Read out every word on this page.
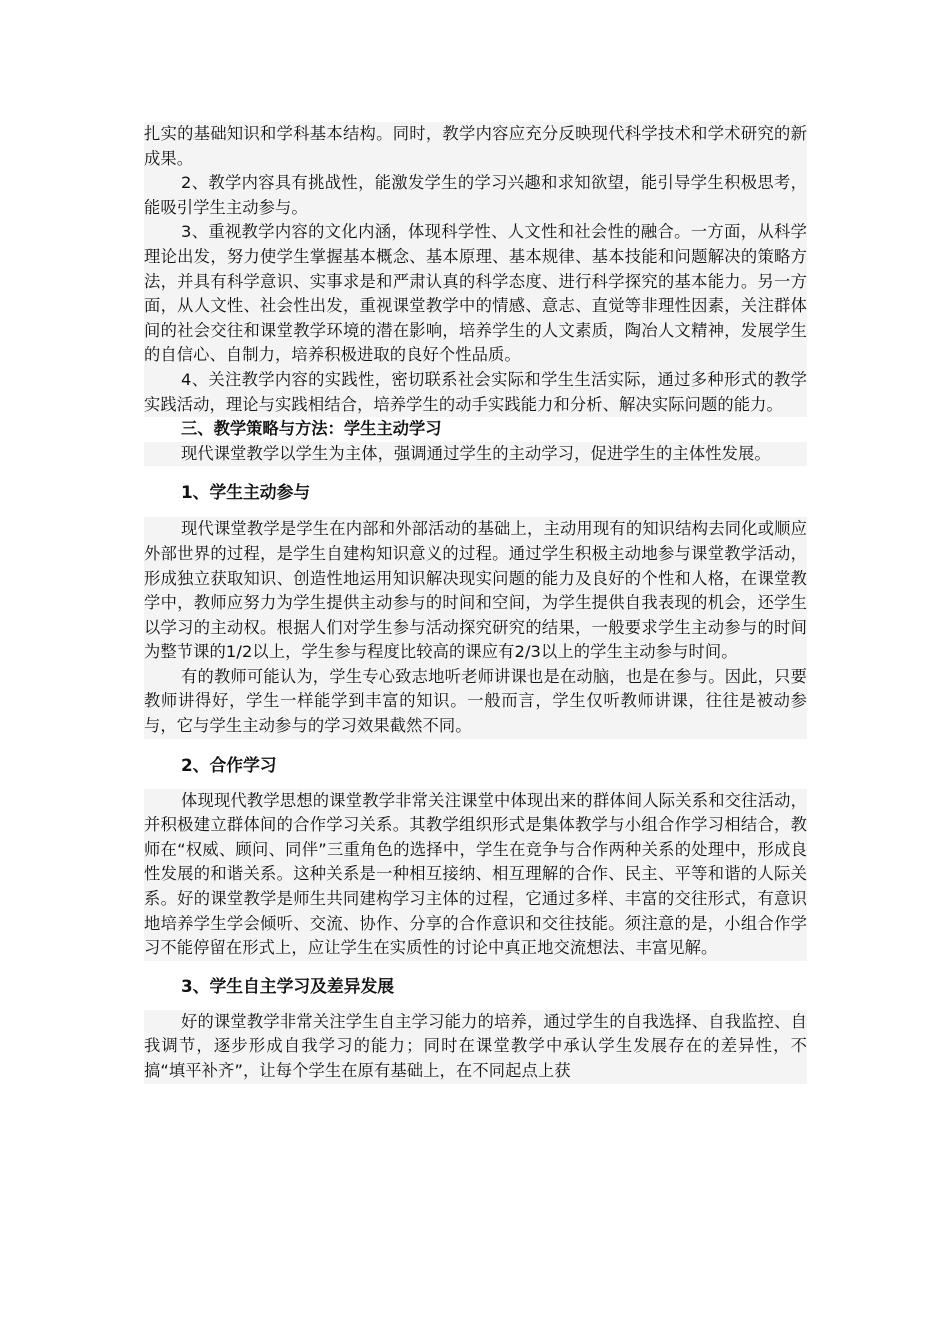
扎实的基础知识和学科基本结构。同时，教学内容应充分反映现代科学技术和学术研究的新成果。

2、教学内容具有挑战性，能激发学生的学习兴趣和求知欲望，能引导学生积极思考，能吸引学生主动参与。

3、重视教学内容的文化内涵，体现科学性、人文性和社会性的融合。一方面，从科学理论出发，努力使学生掌握基本概念、基本原理、基本规律、基本技能和问题解决的策略方法，并具有科学意识、实事求是和严肃认真的科学态度、进行科学探究的基本能力。另一方面，从人文性、社会性出发，重视课堂教学中的情感、意志、直觉等非理性因素，关注群体间的社会交往和课堂教学环境的潜在影响，培养学生的人文素质，陶冶人文精神，发展学生的自信心、自制力，培养积极进取的良好个性品质。

4、关注教学内容的实践性，密切联系社会实际和学生生活实际，通过多种形式的教学实践活动，理论与实践相结合，培养学生的动手实践能力和分析、解决实际问题的能力。

三、教学策略与方法：学生主动学习

现代课堂教学以学生为主体，强调通过学生的主动学习，促进学生的主体性发展。

1、学生主动参与

现代课堂教学是学生在内部和外部活动的基础上，主动用现有的知识结构去同化或顺应外部世界的过程，是学生自建构知识意义的过程。通过学生积极主动地参与课堂教学活动，形成独立获取知识、创造性地运用知识解决现实问题的能力及良好的个性和人格，在课堂教学中，教师应努力为学生提供主动参与的时间和空间，为学生提供自我表现的机会，还学生以学习的主动权。根据人们对学生参与活动探究研究的结果，一般要求学生主动参与的时间为整节课的1/2以上，学生参与程度比较高的课应有2/3以上的学生主动参与时间。

有的教师可能认为，学生专心致志地听老师讲课也是在动脑，也是在参与。因此，只要教师讲得好，学生一样能学到丰富的知识。一般而言，学生仅听教师讲课，往往是被动参与，它与学生主动参与的学习效果截然不同。

2、合作学习

体现现代教学思想的课堂教学非常关注课堂中体现出来的群体间人际关系和交往活动，并积极建立群体间的合作学习关系。其教学组织形式是集体教学与小组合作学习相结合，教师在“权威、顾问、同伴”三重角色的选择中，学生在竞争与合作两种关系的处理中，形成良性发展的和谐关系。这种关系是一种相互接纳、相互理解的合作、民主、平等和谐的人际关系。好的课堂教学是师生共同建构学习主体的过程，它通过多样、丰富的交往形式，有意识地培养学生学会倾听、交流、协作、分享的合作意识和交往技能。须注意的是，小组合作学习不能停留在形式上，应让学生在实质性的讨论中真正地交流想法、丰富见解。

3、学生自主学习及差异发展

好的课堂教学非常关注学生自主学习能力的培养，通过学生的自我选择、自我监控、自我调节，逐步形成自我学习的能力；同时在课堂教学中承认学生发展存在的差异性，不搞“填平补齐”，让每个学生在原有基础上，在不同起点上获
